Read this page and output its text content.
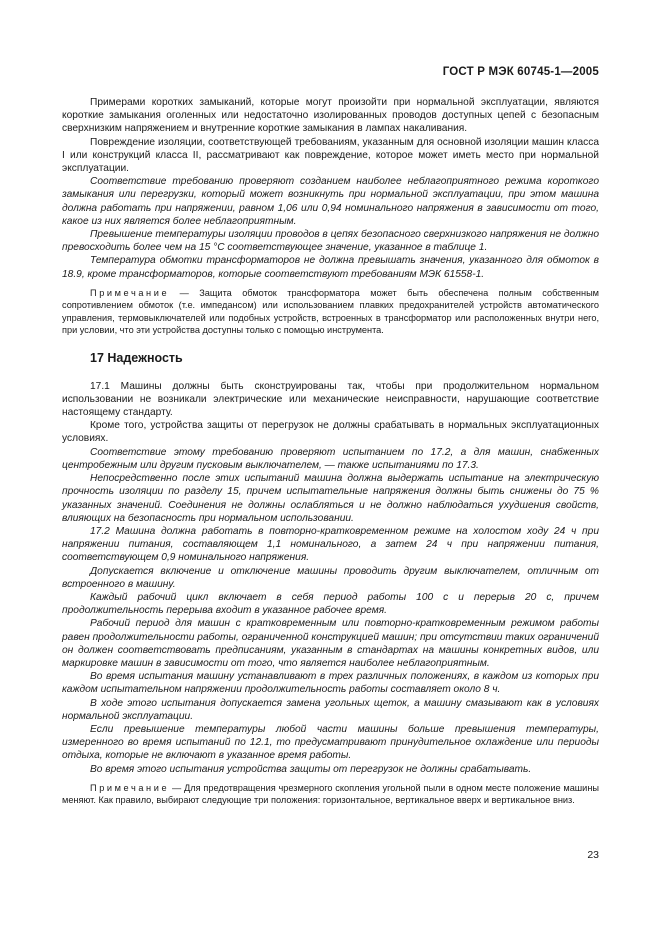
ГОСТ Р МЭК 60745-1—2005

Примерами коротких замыканий, которые могут произойти при нормальной эксплуатации, являются короткие замыкания оголенных или недостаточно изолированных проводов доступных цепей с безопасным сверхнизким напряжением и внутренние короткие замыкания в лампах накаливания.

Повреждение изоляции, соответствующей требованиям, указанным для основной изоляции машин класса I или конструкций класса II, рассматривают как повреждение, которое может иметь место при нормальной эксплуатации.

Соответствие требованию проверяют созданием наиболее неблагоприятного режима короткого замыкания или перегрузки, который может возникнуть при нормальной эксплуатации, при этом машина должна работать при напряжении, равном 1,06 или 0,94 номинального напряжения в зависимости от того, какое из них является более неблагоприятным.

Превышение температуры изоляции проводов в цепях безопасного сверхнизкого напряжения не должно превосходить более чем на 15 °С соответствующее значение, указанное в таблице 1.

Температура обмотки трансформаторов не должна превышать значения, указанного для обмоток в 18.9, кроме трансформаторов, которые соответствуют требованиям МЭК 61558-1.

Примечание — Защита обмоток трансформатора может быть обеспечена полным собственным сопротивлением обмоток (т.е. импедансом) или использованием плавких предохранителей устройств автоматического управления, термовыключателей или подобных устройств, встроенных в трансформатор или расположенных внутри него, при условии, что эти устройства доступны только с помощью инструмента.

17 Надежность

17.1 Машины должны быть сконструированы так, чтобы при продолжительном нормальном использовании не возникали электрические или механические неисправности, нарушающие соответствие настоящему стандарту.

Кроме того, устройства защиты от перегрузок не должны срабатывать в нормальных эксплуатационных условиях.

Соответствие этому требованию проверяют испытанием по 17.2, а для машин, снабженных центробежным или другим пусковым выключателем, — также испытаниями по 17.3.

Непосредственно после этих испытаний машина должна выдержать испытание на электрическую прочность изоляции по разделу 15, причем испытательные напряжения должны быть снижены до 75 % указанных значений. Соединения не должны ослабляться и не должно наблюдаться ухудшения свойств, влияющих на безопасность при нормальном использовании.

17.2 Машина должна работать в повторно-кратковременном режиме на холостом ходу 24 ч при напряжении питания, составляющем 1,1 номинального, а затем 24 ч при напряжении питания, соответствующем 0,9 номинального напряжения.

Допускается включение и отключение машины проводить другим выключателем, отличным от встроенного в машину.

Каждый рабочий цикл включает в себя период работы 100 с и перерыв 20 с, причем продолжительность перерыва входит в указанное рабочее время.

Рабочий период для машин с кратковременным или повторно-кратковременным режимом работы равен продолжительности работы, ограниченной конструкцией машин; при отсутствии таких ограничений он должен соответствовать предписаниям, указанным в стандартах на машины конкретных видов, или маркировке машин в зависимости от того, что является наиболее неблагоприятным.

Во время испытания машину устанавливают в трех различных положениях, в каждом из которых при каждом испытательном напряжении продолжительность работы составляет около 8 ч.

В ходе этого испытания допускается замена угольных щеток, а машину смазывают как в условиях нормальной эксплуатации.

Если превышение температуры любой части машины больше превышения температуры, измеренного во время испытаний по 12.1, то предусматривают принудительное охлаждение или периоды отдыха, которые не включают в указанное время работы.

Во время этого испытания устройства защиты от перегрузок не должны срабатывать.

Примечание — Для предотвращения чрезмерного скопления угольной пыли в одном месте положение машины меняют. Как правило, выбирают следующие три положения: горизонтальное, вертикальное вверх и вертикальное вниз.

23
